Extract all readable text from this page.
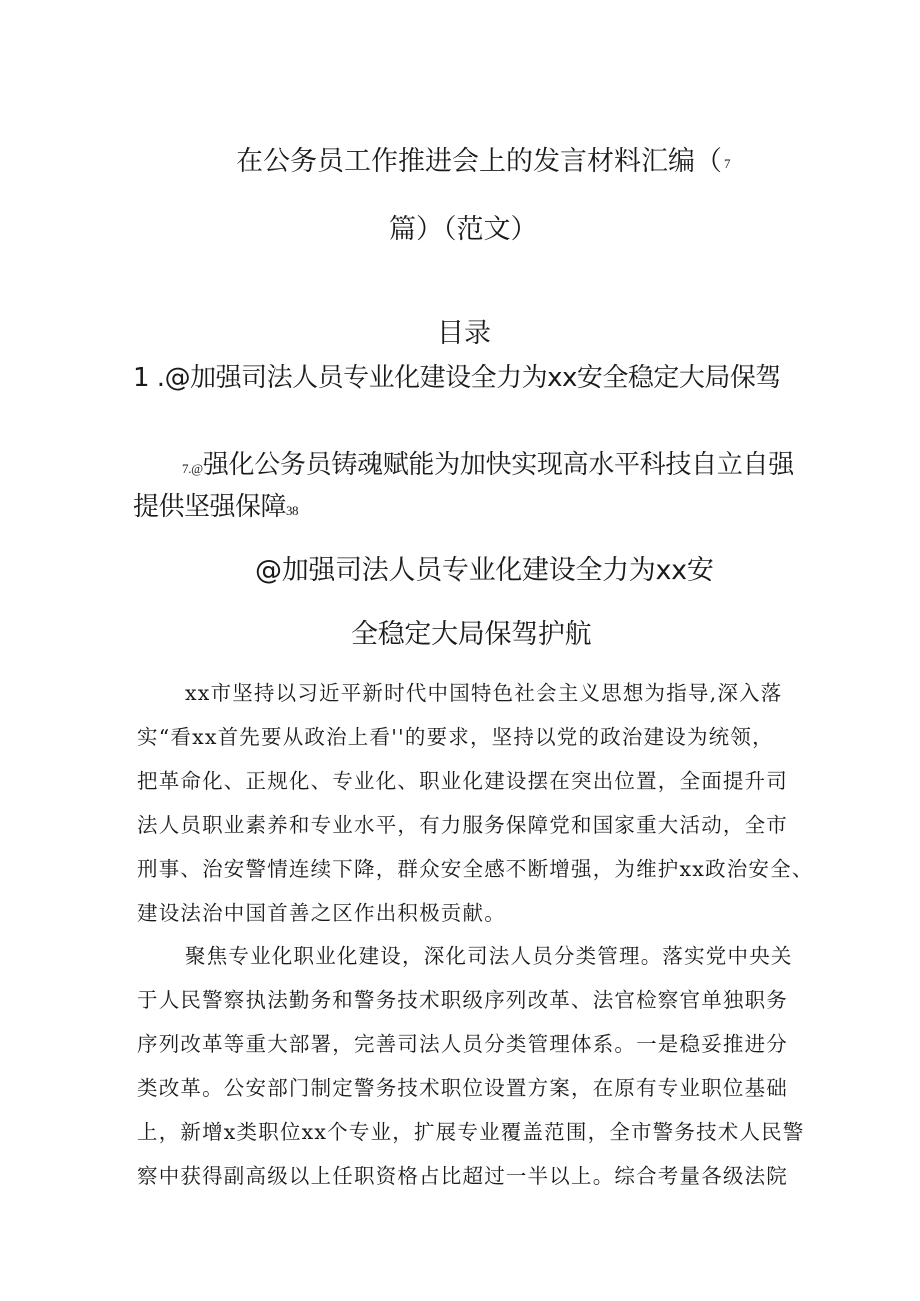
在公务员工作推进会上的发言材料汇编（ 7
篇）（范文）
目录
1 .@加强司法人员专业化建设全力为xx安全稳定大局保驾
7.@强化公务员铸魂赋能为加快实现高水平科技自立自强
提供坚强保障38
@加强司法人员专业化建设全力为xx安
全稳定大局保驾护航
xx市坚持以习近平新时代中国特色社会主义思想为指导,深入落
实“看xx首先要从政治上看''的要求，坚持以党的政治建设为统领，
把革命化、正规化、专业化、职业化建设摆在突出位置，全面提升司
法人员职业素养和专业水平，有力服务保障党和国家重大活动，全市
刑事、治安警情连续下降，群众安全感不断增强，为维护xx政治安全、
建设法治中国首善之区作出积极贡献。
聚焦专业化职业化建设，深化司法人员分类管理。落实党中央关
于人民警察执法勤务和警务技术职级序列改革、法官检察官单独职务
序列改革等重大部署，完善司法人员分类管理体系。一是稳妥推进分
类改革。公安部门制定警务技术职位设置方案，在原有专业职位基础
上，新增x类职位xx个专业，扩展专业覆盖范围，全市警务技术人民警
察中获得副高级以上任职资格占比超过一半以上。综合考量各级法院
